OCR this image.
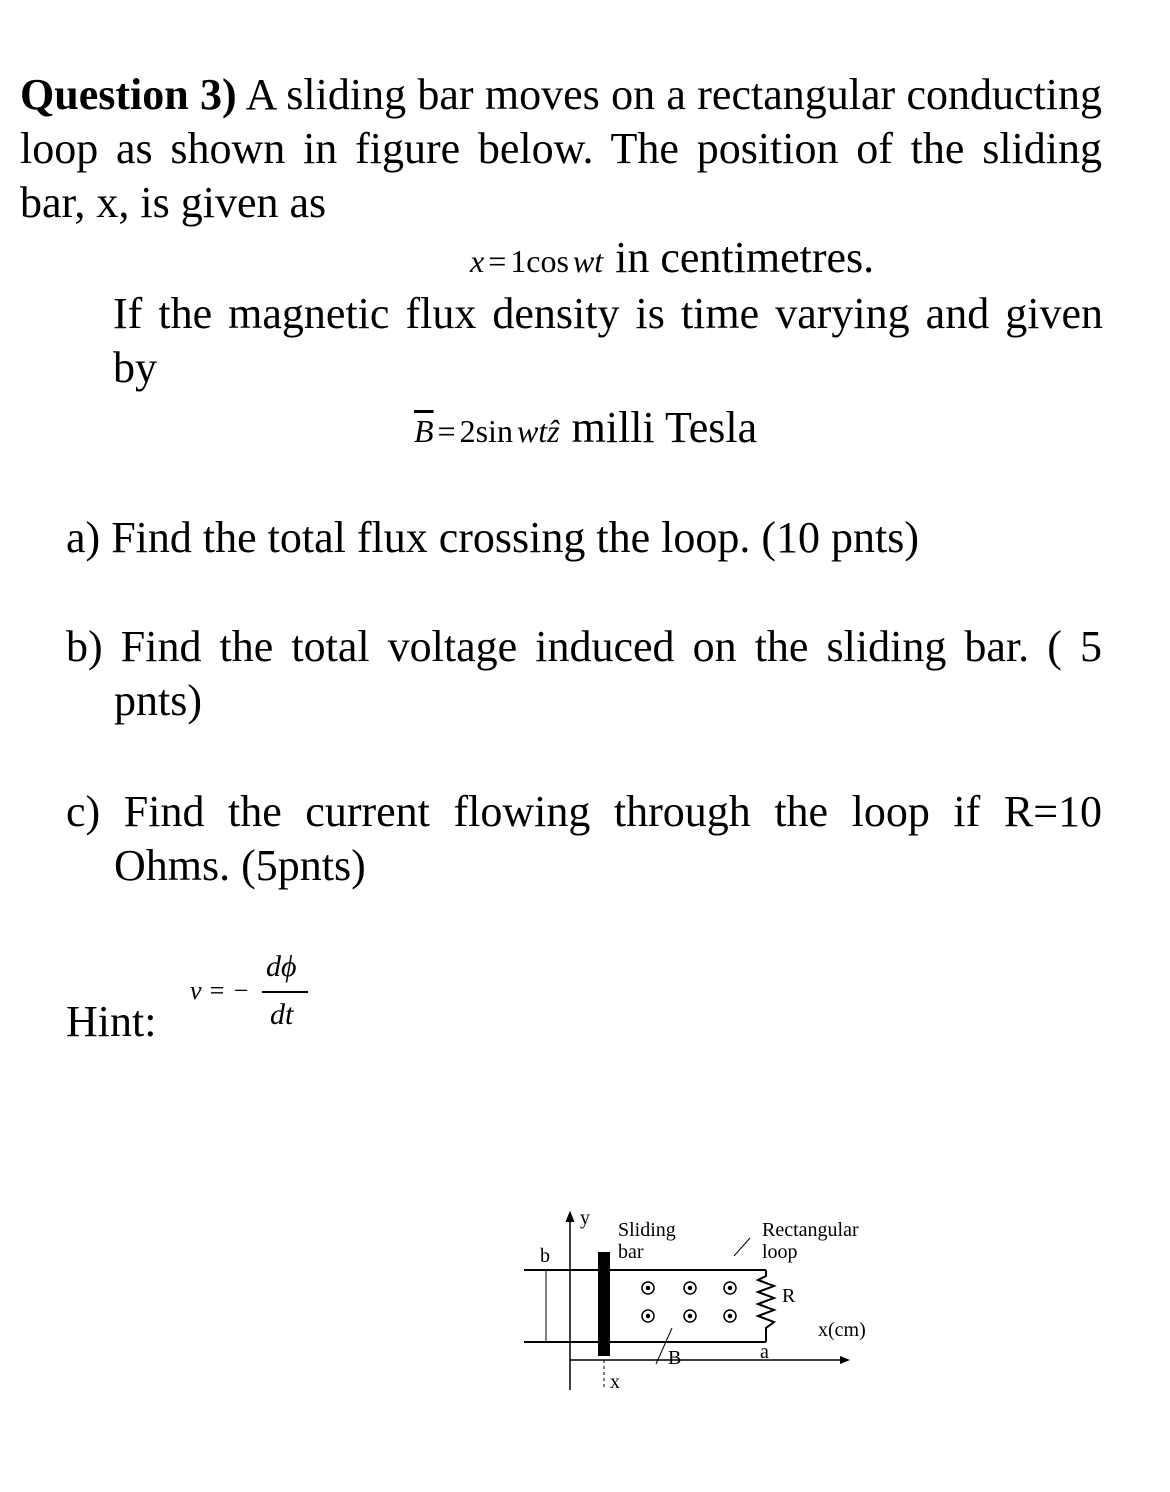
Question 3) A sliding bar moves on a rectangular conducting loop as shown in figure below. The position of the sliding bar, x, is given as
x = 1cos wt in centimetres.
If the magnetic flux density is time varying and given by
$\overline{B} = 2\sin$ wtẑ milli Tesla
a) Find the total flux crossing the loop. (10 pnts)
b) Find the total voltage induced on the sliding bar. ( 5 pnts)
c) Find the current flowing through the loop if R=10 Ohms. (5pnts)
Hint:
v = −
dϕ
dt
y
b
Sliding
bar
Rectangular
loop
R
x(cm)
a
B
x
